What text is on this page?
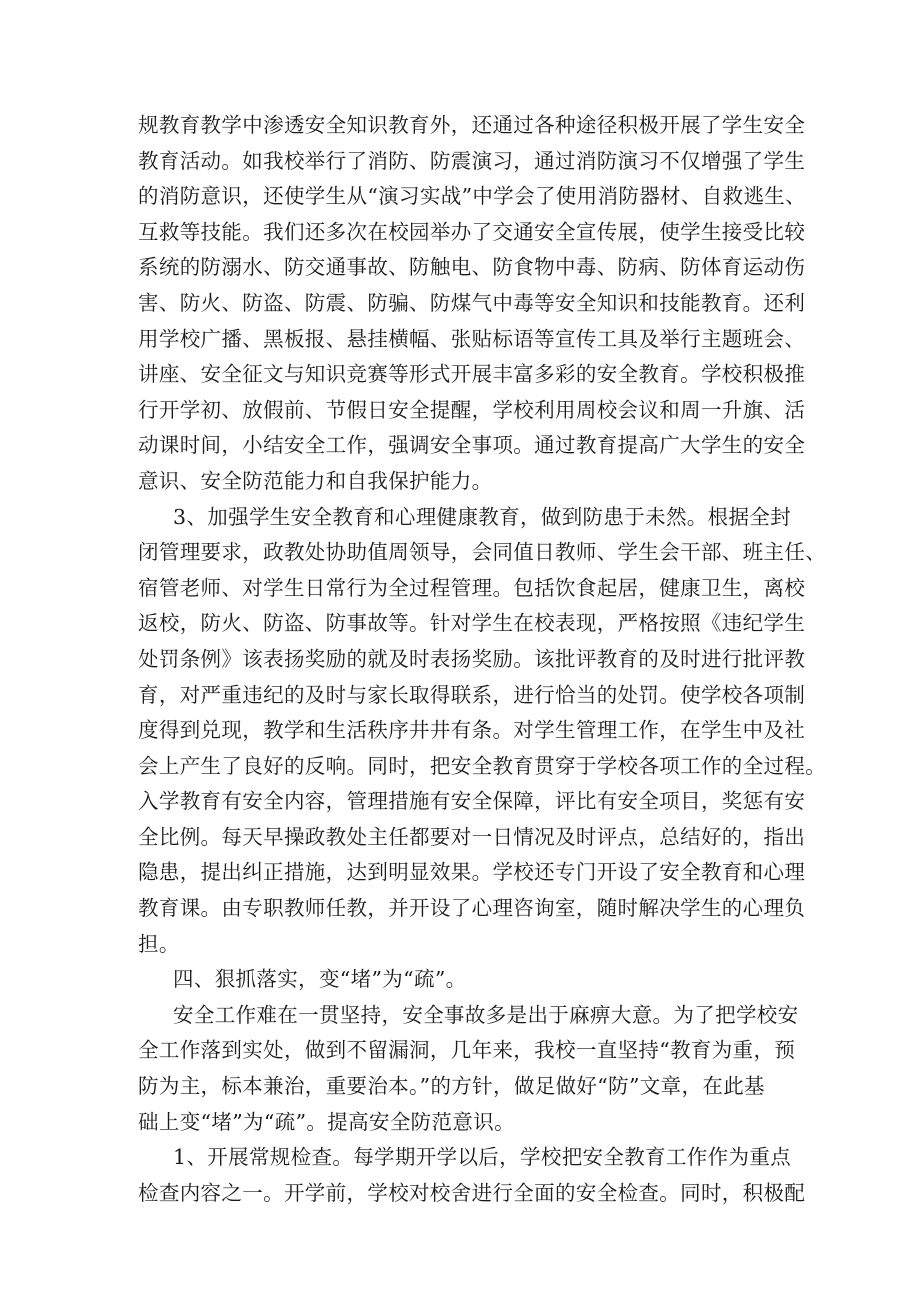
规教育教学中渗透安全知识教育外，还通过各种途径积极开展了学生安全
教育活动。如我校举行了消防、防震演习，通过消防演习不仅增强了学生
的消防意识，还使学生从“演习实战”中学会了使用消防器材、自救逃生、
互救等技能。我们还多次在校园举办了交通安全宣传展，使学生接受比较
系统的防溺水、防交通事故、防触电、防食物中毒、防病、防体育运动伤
害、防火、防盗、防震、防骗、防煤气中毒等安全知识和技能教育。还利
用学校广播、黑板报、悬挂横幅、张贴标语等宣传工具及举行主题班会、
讲座、安全征文与知识竞赛等形式开展丰富多彩的安全教育。学校积极推
行开学初、放假前、节假日安全提醒，学校利用周校会议和周一升旗、活
动课时间，小结安全工作，强调安全事项。通过教育提高广大学生的安全
意识、安全防范能力和自我保护能力。
3、加强学生安全教育和心理健康教育，做到防患于未然。根据全封
闭管理要求，政教处协助值周领导，会同值日教师、学生会干部、班主任、
宿管老师、对学生日常行为全过程管理。包括饮食起居，健康卫生，离校
返校，防火、防盗、防事故等。针对学生在校表现，严格按照《违纪学生
处罚条例》该表扬奖励的就及时表扬奖励。该批评教育的及时进行批评教
育，对严重违纪的及时与家长取得联系，进行恰当的处罚。使学校各项制
度得到兑现，教学和生活秩序井井有条。对学生管理工作，在学生中及社
会上产生了良好的反响。同时，把安全教育贯穿于学校各项工作的全过程。
入学教育有安全内容，管理措施有安全保障，评比有安全项目，奖惩有安
全比例。每天早操政教处主任都要对一日情况及时评点，总结好的，指出
隐患，提出纠正措施，达到明显效果。学校还专门开设了安全教育和心理
教育课。由专职教师任教，并开设了心理咨询室，随时解决学生的心理负
担。
四、狠抓落实，变“堵”为“疏”。
安全工作难在一贯坚持，安全事故多是出于麻痹大意。为了把学校安
全工作落到实处，做到不留漏洞，几年来，我校一直坚持“教育为重，预
防为主，标本兼治，重要治本。”的方针，做足做好“防”文章，在此基
础上变“堵”为“疏”。提高安全防范意识。
1、开展常规检查。每学期开学以后，学校把安全教育工作作为重点
检查内容之一。开学前，学校对校舍进行全面的安全检查。同时，积极配
